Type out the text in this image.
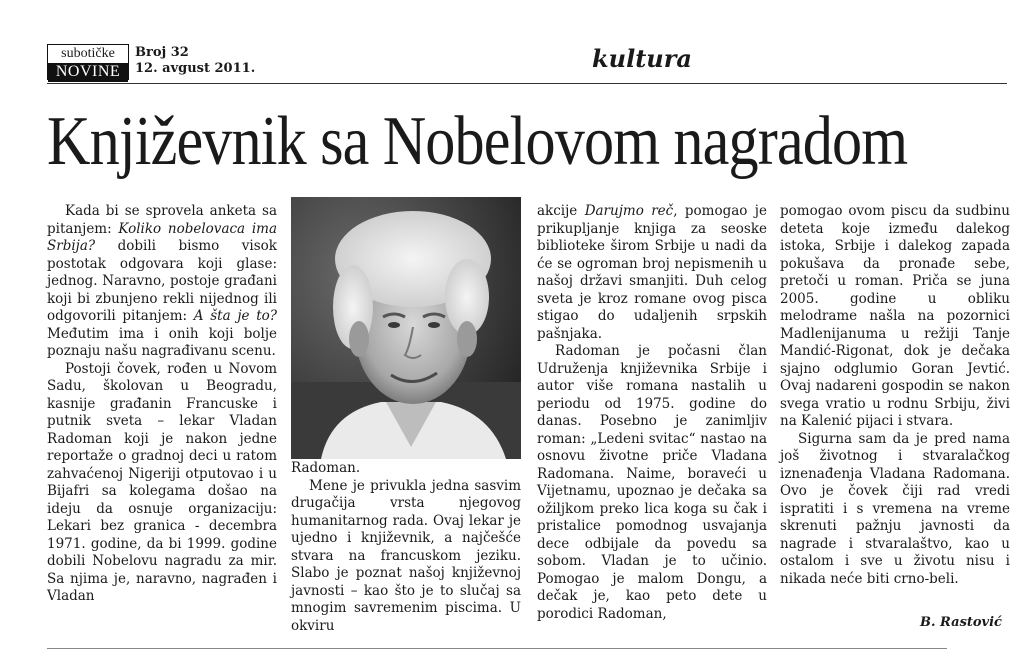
subotičke
NOVINE
Broj 32
12. avgust 2011.	kultura
Književnik sa Nobelovom nagradom

Kada bi se sprovela anketa sa pitanjem: Koliko nobelovaca ima Srbija? dobili bismo visok postotak odgovara koji glase: jednog. Naravno, postoje građani koji bi zbunjeno rekli nijednog ili odgovorili pitanjem: A šta je to? Međutim ima i onih koji bolje poznaju našu nagrađivanu scenu.

Postoji čovek, rođen u Novom Sadu, školovan u Beogradu, kasnije građanin Francuske i putnik sveta – lekar Vladan Radoman koji je nakon jedne reportaže o gradnoj deci u ratom zahvaćenoj Nigeriji otputovao i u Bijafri sa kolegama došao na ideju da osnuje organizaciju: Lekari bez granica - decembra 1971. godine, da bi 1999. godine dobili Nobelovu nagradu za mir. Sa njima je, naravno, nagrađen i Vladan

Radoman.

Mene je privukla jedna sasvim drugačija vrsta njegovog humanitarnog rada. Ovaj lekar je ujedno i književnik, a najčešće stvara na francuskom jeziku. Slabo je poznat našoj književnoj javnosti – kao što je to slučaj sa mnogim savremenim piscima. U okviru

akcije Darujmo reč, pomogao je prikupljanje knjiga za seoske biblioteke širom Srbije u nadi da će se ogroman broj nepismenih u našoj državi smanjiti. Duh celog sveta je kroz romane ovog pisca stigao do udaljenih srpskih pašnjaka.

Radoman je počasni član Udruženja književnika Srbije i autor više romana nastalih u periodu od 1975. godine do danas. Posebno je zanimljiv roman: „Ledeni svitac“ nastao na osnovu životne priče Vladana Radomana. Naime, boraveći u Vijetnamu, upoznao je dečaka sa ožiljkom preko lica koga su čak i pristalice pomodnog usvajanja dece odbijale da povedu sa sobom. Vladan je to učinio. Pomogao je malom Dongu, a dečak je, kao peto dete u porodici Radoman,

pomogao ovom piscu da sudbinu deteta koje između dalekog istoka, Srbije i dalekog zapada pokušava da pronađe sebe, pretoči u roman. Priča se juna 2005. godine u obliku melodrame našla na pozornici Madlenijanuma u režiji Tanje Mandić-Rigonat, dok je dečaka sjajno odglumio Goran Jevtić. Ovaj nadareni gospodin se nakon svega vratio u rodnu Srbiju, živi na Kalenić pijaci i stvara.

Sigurna sam da je pred nama još životnog i stvaralačkog iznenađenja Vladana Radomana. Ovo je čovek čiji rad vredi ispratiti i s vremena na vreme skrenuti pažnju javnosti da nagrade i stvaralaštvo, kao u ostalom i sve u životu nisu i nikada neće biti crno-beli.

B. Rastović
